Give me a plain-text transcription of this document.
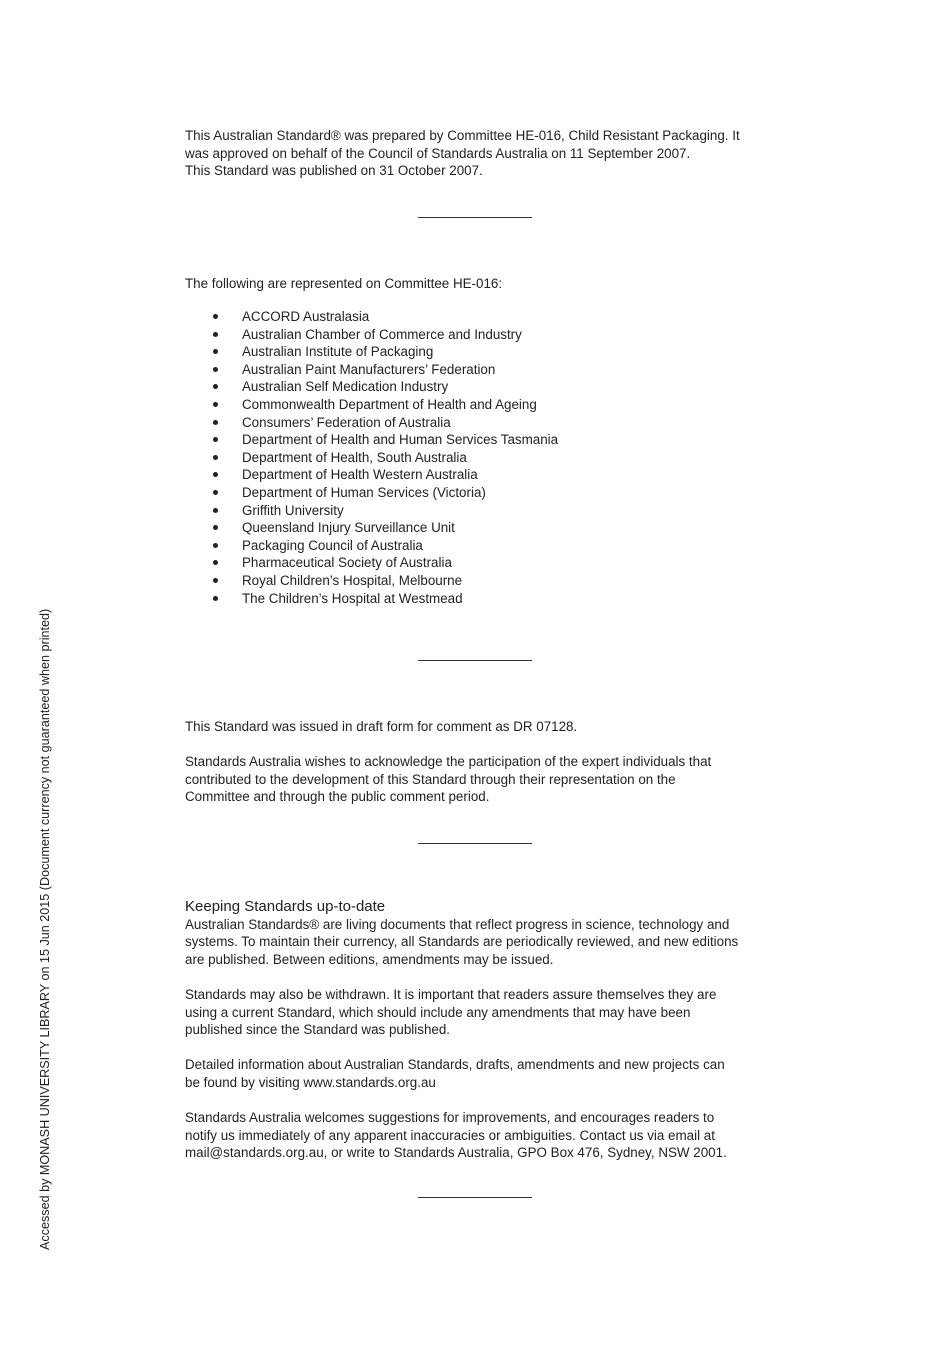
This Australian Standard® was prepared by Committee HE-016, Child Resistant Packaging. It
was approved on behalf of the Council of Standards Australia on 11 September 2007.
This Standard was published on 31 October 2007.

The following are represented on Committee HE-016:

ACCORD Australasia
Australian Chamber of Commerce and Industry
Australian Institute of Packaging
Australian Paint Manufacturers’ Federation
Australian Self Medication Industry
Commonwealth Department of Health and Ageing
Consumers’ Federation of Australia
Department of Health and Human Services Tasmania
Department of Health, South Australia
Department of Health Western Australia
Department of Human Services (Victoria)
Griffith University
Queensland Injury Surveillance Unit
Packaging Council of Australia
Pharmaceutical Society of Australia
Royal Children’s Hospital, Melbourne
The Children’s Hospital at Westmead

This Standard was issued in draft form for comment as DR 07128.

Standards Australia wishes to acknowledge the participation of the expert individuals that
contributed to the development of this Standard through their representation on the
Committee and through the public comment period.

Keeping Standards up-to-date

Australian Standards® are living documents that reflect progress in science, technology and
systems. To maintain their currency, all Standards are periodically reviewed, and new editions
are published. Between editions, amendments may be issued.

Standards may also be withdrawn. It is important that readers assure themselves they are
using a current Standard, which should include any amendments that may have been
published since the Standard was published.

Detailed information about Australian Standards, drafts, amendments and new projects can
be found by visiting www.standards.org.au

Standards Australia welcomes suggestions for improvements, and encourages readers to
notify us immediately of any apparent inaccuracies or ambiguities. Contact us via email at
mail@standards.org.au, or write to Standards Australia, GPO Box 476, Sydney, NSW 2001.

Accessed by MONASH UNIVERSITY LIBRARY on 15 Jun 2015 (Document currency not guaranteed when printed)
